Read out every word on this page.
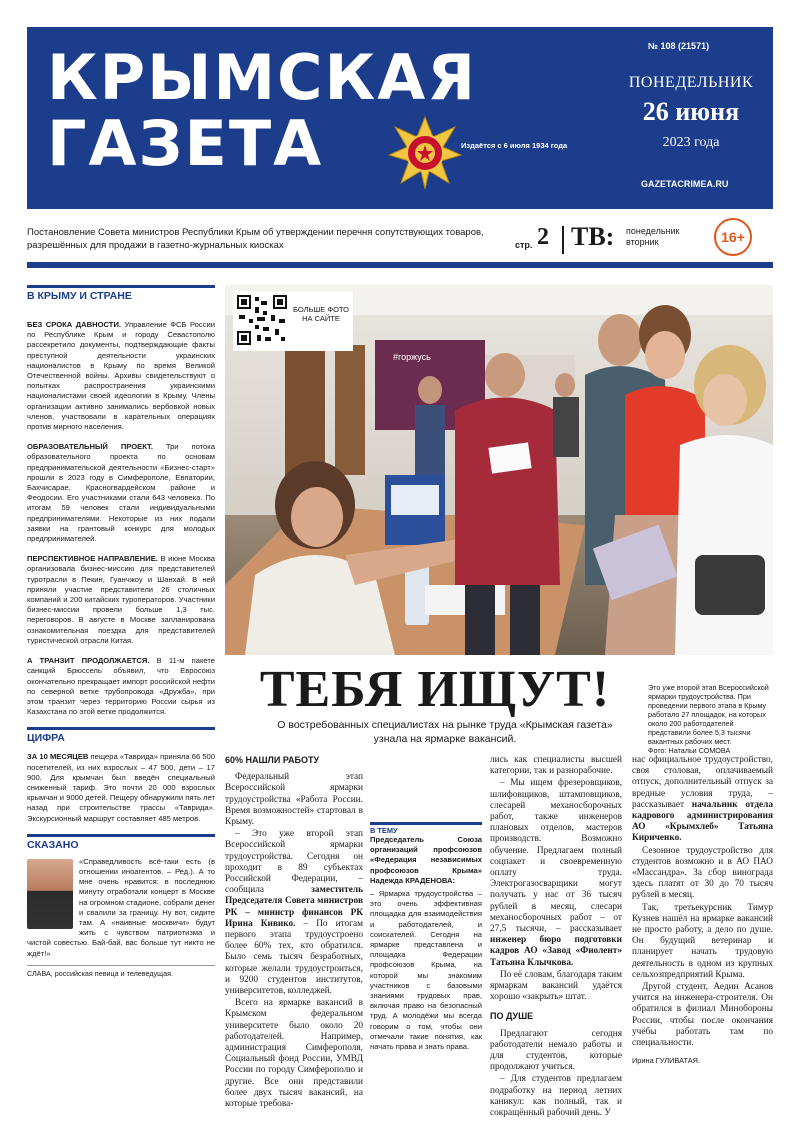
КРЫМСКАЯ
ГАЗЕТА	Издаётся с 6 июля 1934 года
№ 108 (21571)
ПОНЕДЕЛЬНИК
26 июня
2023 года
GAZETACRIMEA.RU
Постановление Совета министров Республики Крым об утверждении перечня сопутствующих товаров, разрешённых для продажи в газетно-журнальных киосках	стр. 2 ТВ: понедельник
вторник	16+
В КРЫМУ И СТРАНЕ

БЕЗ СРОКА ДАВНОСТИ. Управление ФСБ России по Республике Крым и городу Севастополю рассекретило документы, подтверждающие факты преступной деятельности украинских националистов в Крыму по время Великой Отечественной войны. Архивы свидетельствуют о попытках распространения украинскими националистами своей идеологии в Крыму. Члены организации активно занимались вербовкой новых членов, участвовали в карательных операциях против мирного населения.

ОБРАЗОВАТЕЛЬНЫЙ ПРОЕКТ. Три потока образовательного проекта по основам предпринимательской деятельности «Бизнес-старт» прошли в 2023 году в Симферополе, Евпатории, Бахчисарае, Красногвардейском районе и Феодосии. Его участниками стали 643 человека. По итогам 59 человек стали индивидуальными предпринимателями. Некоторые из них подали заявки на грантовый конкурс для молодых предпринимателей.

ПЕРСПЕКТИВНОЕ НАПРАВЛЕНИЕ. В июне Москва организовала бизнес-миссию для представителей туротрасли в Пекин, Гуанчжоу и Шанхай. В ней приняли участие представители 26 столичных компаний и 200 китайских туроператоров. Участники бизнес-миссии провели больше 1,3 тыс. переговоров. В августе в Москве запланирована ознакомительная поездка для представителей туристической отрасли Китая.

А ТРАНЗИТ ПРОДОЛЖАЕТСЯ. В 11-м пакете санкций Брюссель объявил, что Евросоюз окончательно прекращает импорт российской нефти по северной ветке трубопровода «Дружба», при этом транзит через территорию России сырья из Казахстана по этой ветке продолжится.

ЦИФРА

ЗА 10 МЕСЯЦЕВ пещера «Таврида» приняла 66 500 посетителей, из них взрослых – 47 500, дети – 17 900. Для крымчан был введён специальный сниженный тариф. Это почти 20 000 взрослых крымчан и 9000 детей. Пещеру обнаружили пять лет назад при строительстве трассы «Таврида». Экскурсионный маршрут составляет 485 метров.

СКАЗАНО

«Справедливость всё-таки есть (в отношении иноагентов. – Ред.). А то мне очень нравится: в последнюю минуту отработали концерт в Москве на огромном стадионе, собрали денег и свалили за границу. Ну вот, сидите там. А «наивные москвичи» будут жить с чувством патриотизма и чистой совестью. Бай-бай, вас больше тут никто не ждёт!»

СЛАВА, российская певица и телеведущая.
#горжусь
БОЛЬШЕ ФОТО НА САЙТЕ
Это уже второй этап Всероссийской ярмарки трудоустройства. При проведении первого этапа в Крыму работало 27 площадок, на которых около 200 работодателей представили более 5,3 тысячи вакантных рабочих мест.
Фото: Натальи СОМОВА
ТЕБЯ ИЩУТ!
О востребованных специалистах на рынке труда «Крымская газета» узнала на ярмарке вакансий.

60% НАШЛИ РАБОТУ

Федеральный этап Всероссийской ярмарки трудоустройства «Работа России. Время возможностей» стартовал в Крыму.

– Это уже второй этап Всероссийской ярмарки трудоустройства. Сегодня он проходит в 89 субъектах Российской Федерации, – сообщила	заместитель Председателя Совета министров РК – министр финансов РК Ирина Кивико. – По итогам первого этапа трудоустроено более 60% тех, кто обратился. Было семь тысяч безработных, которые желали трудоустроиться, и 9200 студентов институтов, университетов, колледжей.

Всего на ярмарке вакансий в Крымском федеральном университете было около 20 работодателей. Например, администрация Симферополя, Социальный фонд России, УМВД России по городу Симферополю и другие. Все они представили более двух тысяч вакансий, на которые требова-

В ТЕМУ

Председатель Союза организаций профсоюзов «Федерация независимых профсоюзов Крыма» Надежда КРАДЕНОВА:

– Ярмарка трудоустройства – это очень эффективная площадка для взаимодействия и работодателей, и соискателей. Сегодня на ярмарке представлена и площадка Федерации профсоюзов Крыма, на которой мы знакомим участников с базовыми знаниями трудовых прав, включая право на безопасный труд. А молодёжи мы всегда говорим о том, чтобы они отмечали такие понятия, как начать права и знать права.

лись как специалисты высшей категории, так и разнорабочие.

– Мы ищем фрезеровщиков, шлифовщиков, штамповщиков, слесарей механосборочных работ, также инженеров плановых отделов, мастеров производств. Возможно обучение. Предлагаем полный соцпакет и своевременную оплату труда. Электрогазосварщики могут получать у нас от 36 тысяч рублей в месяц, слесари механосборочных работ – от 27,5 тысячи, – рассказывает инженер бюро подготовки кадров АО «Завод «Фиолент» Татьяна Клычкова.

По её словам, благодаря таким ярмаркам вакансий удаётся хорошо «закрыть» штат.

ПО ДУШЕ

Предлагают сегодня работодатели немало работы и для студентов, которые продолжают учиться.

– Для студентов предлагаем подработку на период летних каникул: как полный, так и сокращённый рабочий день. У

нас официальное трудоустройство, своя столовая, оплачиваемый отпуск, дополнительный отпуск за вредные условия труда, – рассказывает начальник отдела кадрового администрирования АО «Крымхлеб» Татьяна Кириченко.

Сезонное трудоустройство для студентов возможно и в АО ПАО «Массандра». За сбор винограда здесь платят от 30 до 70 тысяч рублей в месяц.

Так, третьекурсник Тимур Кузнев нашёл на ярмарке вакансий не просто работу, а дело по душе. Он будущий ветеринар и планирует начать трудовую деятельность в одном из крупных сельхозпредприятий Крыма.

Другой студент, Аедин Асанов учится на инженера-строителя. Он обратился в филиал Минобороны России, чтобы после окончания учёбы работать там по специальности.

Ирина ГУЛИВАТАЯ.
